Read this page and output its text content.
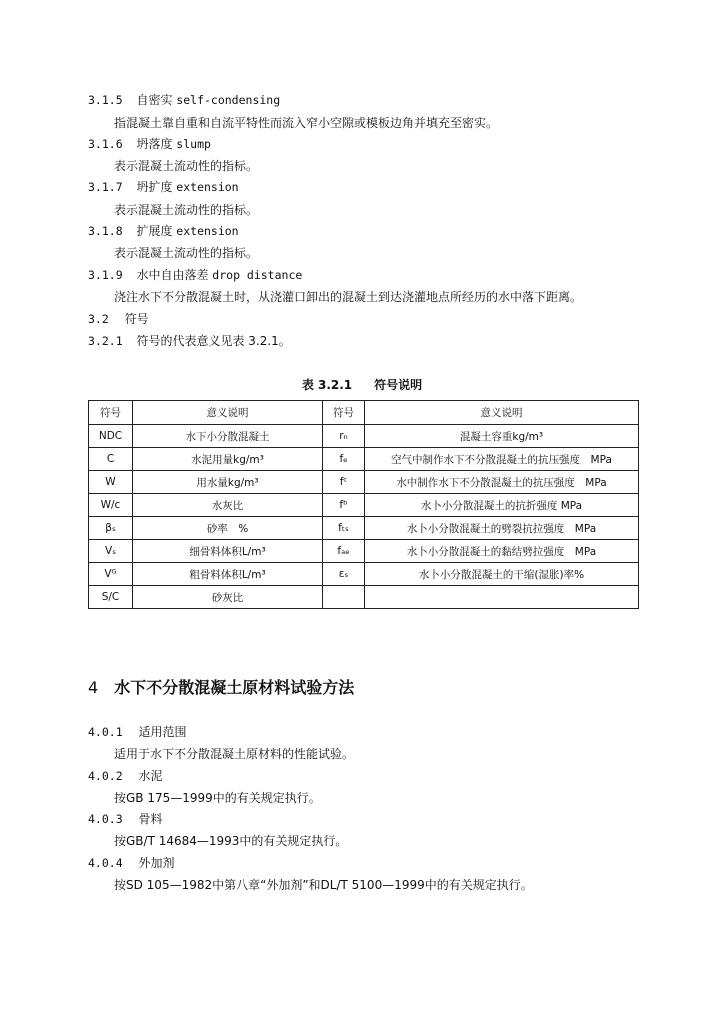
3.1.5 自密实 self-condensing
指混凝土靠自重和自流平特性而流入窄小空隙或模板边角并填充至密实。
3.1.6 坍落度 slump
表示混凝土流动性的指标。
3.1.7 坍扩度 extension
表示混凝土流动性的指标。
3.1.8 扩展度 extension
表示混凝土流动性的指标。
3.1.9 水中自由落差 drop distance
浇注水下不分散混凝土时，从浇灌口卸出的混凝土到达浇灌地点所经历的水中落下距离。
3.2 符号
3.2.1 符号的代表意义见表 3.2.1。
表 3.2.1 符号说明
符号	意义说明	符号	意义说明
NDC	水下小分散混凝土	rₙ	混凝土容重kg/m³
C	水泥用量kg/m³	fₑ	空气中制作水下不分散混凝土的抗压强度　MPa
W	用水量kg/m³	fᶜ	水中制作水下不分散混凝土的抗压强度　MPa
W/c	水灰比	fᵇ	水卜小分散混凝土的抗折强度 MPa
βₛ	砂率　%	fₜₛ	水卜小分散混凝土的劈裂抗拉强度　MPa
Vₛ	细骨料体积L/m³	fₐₑ	水卜小分散混凝土的黏结劈拉强度　MPa
Vᴳ	粗骨料体积L/m³	εₛ	水卜小分散混凝土的干缩(湿胀)率%
S/C	砂灰比		
4 水下不分散混凝土原材料试验方法
4.0.1 适用范围
适用于水下不分散混凝土原材料的性能试验。
4.0.2 水泥
按GB 175—1999中的有关规定执行。
4.0.3 骨料
按GB/T 14684—1993中的有关规定执行。
4.0.4 外加剂
按SD 105—1982中第八章“外加剂”和DL/T 5100—1999中的有关规定执行。
